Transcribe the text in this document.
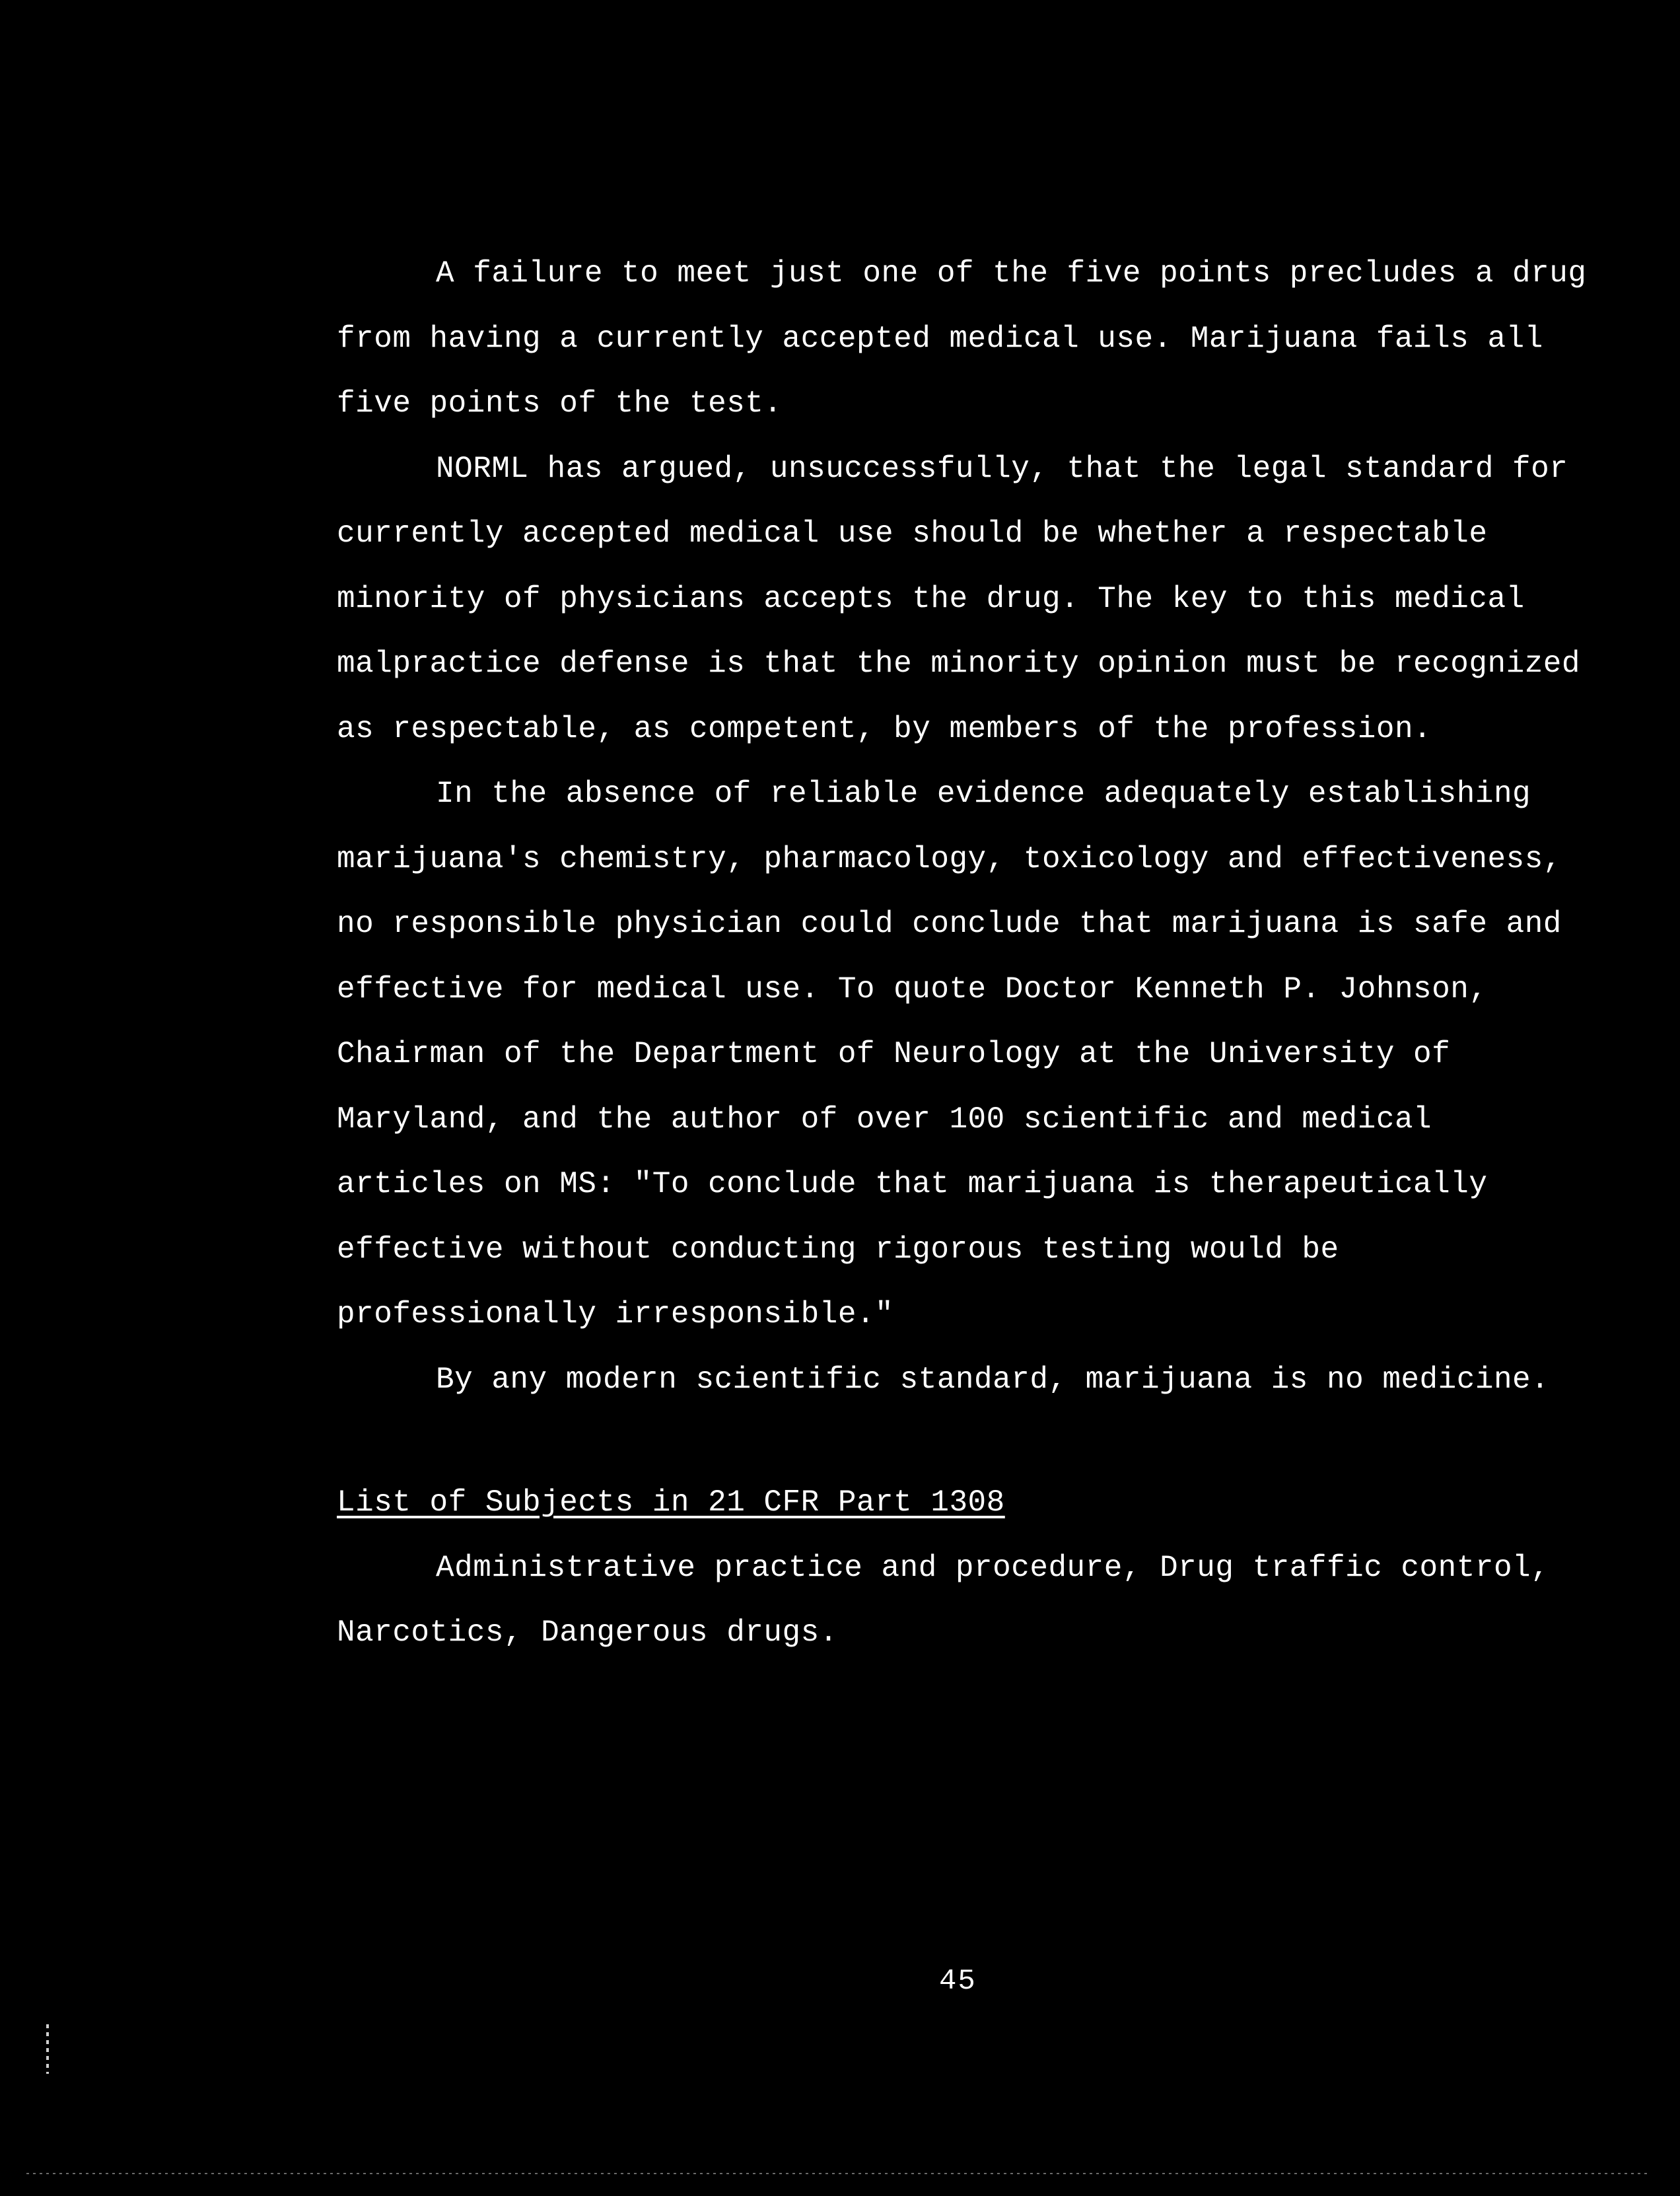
A failure to meet just one of the five points precludes a drug from having a currently accepted medical use. Marijuana fails all five points of the test.

NORML has argued, unsuccessfully, that the legal standard for currently accepted medical use should be whether a respectable minority of physicians accepts the drug. The key to this medical malpractice defense is that the minority opinion must be recognized as respectable, as competent, by members of the profession.

In the absence of reliable evidence adequately establishing marijuana's chemistry, pharmacology, toxicology and effectiveness, no responsible physician could conclude that marijuana is safe and effective for medical use. To quote Doctor Kenneth P. Johnson, Chairman of the Department of Neurology at the University of Maryland, and the author of over 100 scientific and medical articles on MS: "To conclude that marijuana is therapeutically effective without conducting rigorous testing would be professionally irresponsible."

By any modern scientific standard, marijuana is no medicine.

List of Subjects in 21 CFR Part 1308

Administrative practice and procedure, Drug traffic control, Narcotics, Dangerous drugs.

45
